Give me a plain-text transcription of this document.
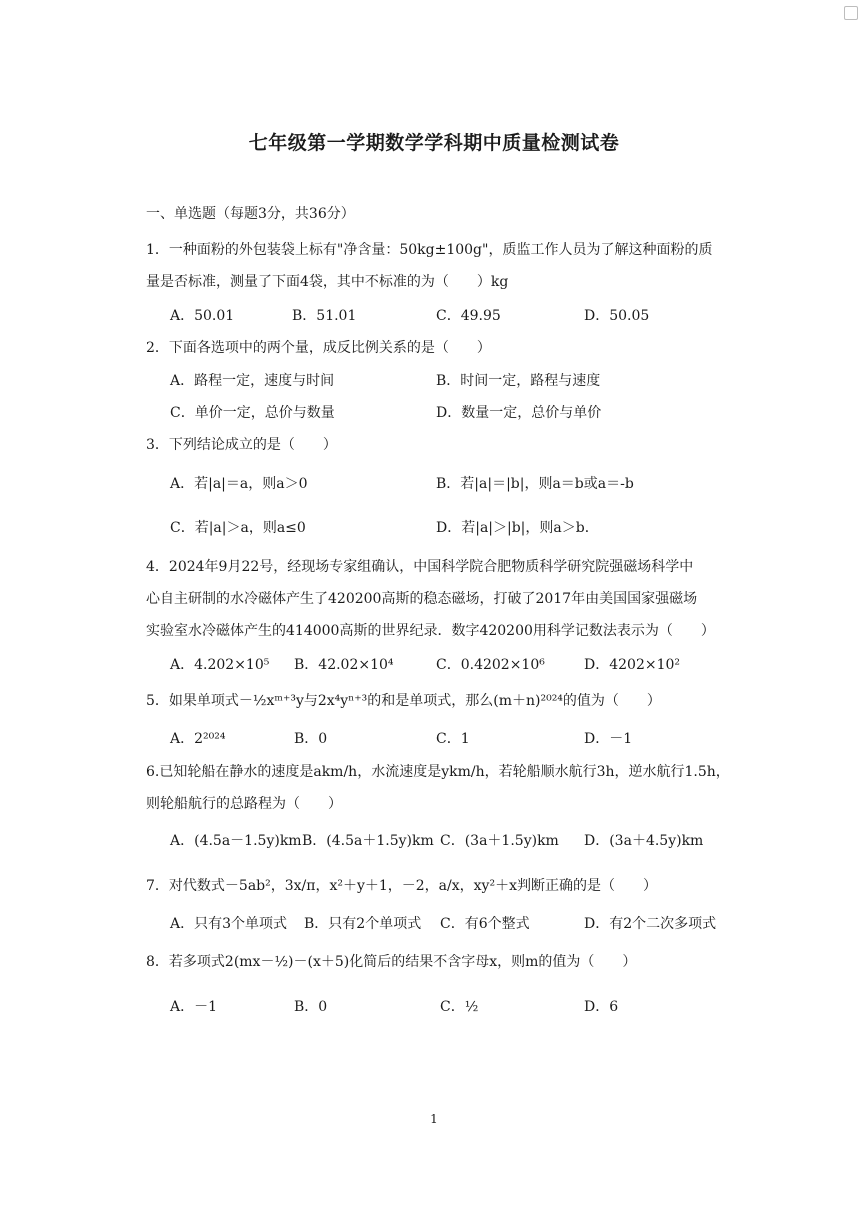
七年级第一学期数学学科期中质量检测试卷
一、单选题（每题3分，共36分）
1．一种面粉的外包装袋上标有"净含量：50kg±100g"，质监工作人员为了解这种面粉的质
量是否标准，测量了下面4袋，其中不标准的为（　　）kg
A．50.01	B．51.01	C．49.95	D．50.05
2．下面各选项中的两个量，成反比例关系的是（　　）
A．路程一定，速度与时间	B．时间一定，路程与速度
C．单价一定，总价与数量	D．数量一定，总价与单价
3．下列结论成立的是（　　）
A．若|a|＝a，则a＞0	B．若|a|＝|b|，则a＝b或a＝-b
C．若|a|＞a，则a≤0	D．若|a|＞|b|，则a＞b．
4．2024年9月22号，经现场专家组确认，中国科学院合肥物质科学研究院强磁场科学中
心自主研制的水冷磁体产生了420200高斯的稳态磁场，打破了2017年由美国国家强磁场
实验室水冷磁体产生的414000高斯的世界纪录．数字420200用科学记数法表示为（　　）
A．4.202×10⁵ B．42.02×10⁴	C．0.4202×10⁶	D．4202×10²
5．如果单项式－½xᵐ⁺³y与2x⁴yⁿ⁺³的和是单项式，那么(m＋n)²⁰²⁴的值为（　　）
A．2²⁰²⁴	B．0	C．1	D．－1
6.已知轮船在静水的速度是akm/h，水流速度是ykm/h，若轮船顺水航行3h，逆水航行1.5h，
则轮船航行的总路程为（　　）
A．(4.5a－1.5y)km B．(4.5a＋1.5y)km C．(3a＋1.5y)km D．(3a＋4.5y)km
7．对代数式－5ab²，3x/π，x²＋y＋1，－2，a/x，xy²＋x判断正确的是（　　）
A．只有3个单项式 B．只有2个单项式 C．有6个整式	D．有2个二次多项式
8．若多项式2(mx－½)－(x＋5)化简后的结果不含字母x，则m的值为（　　）
A．－1	B．0	C．½	D．6
1
